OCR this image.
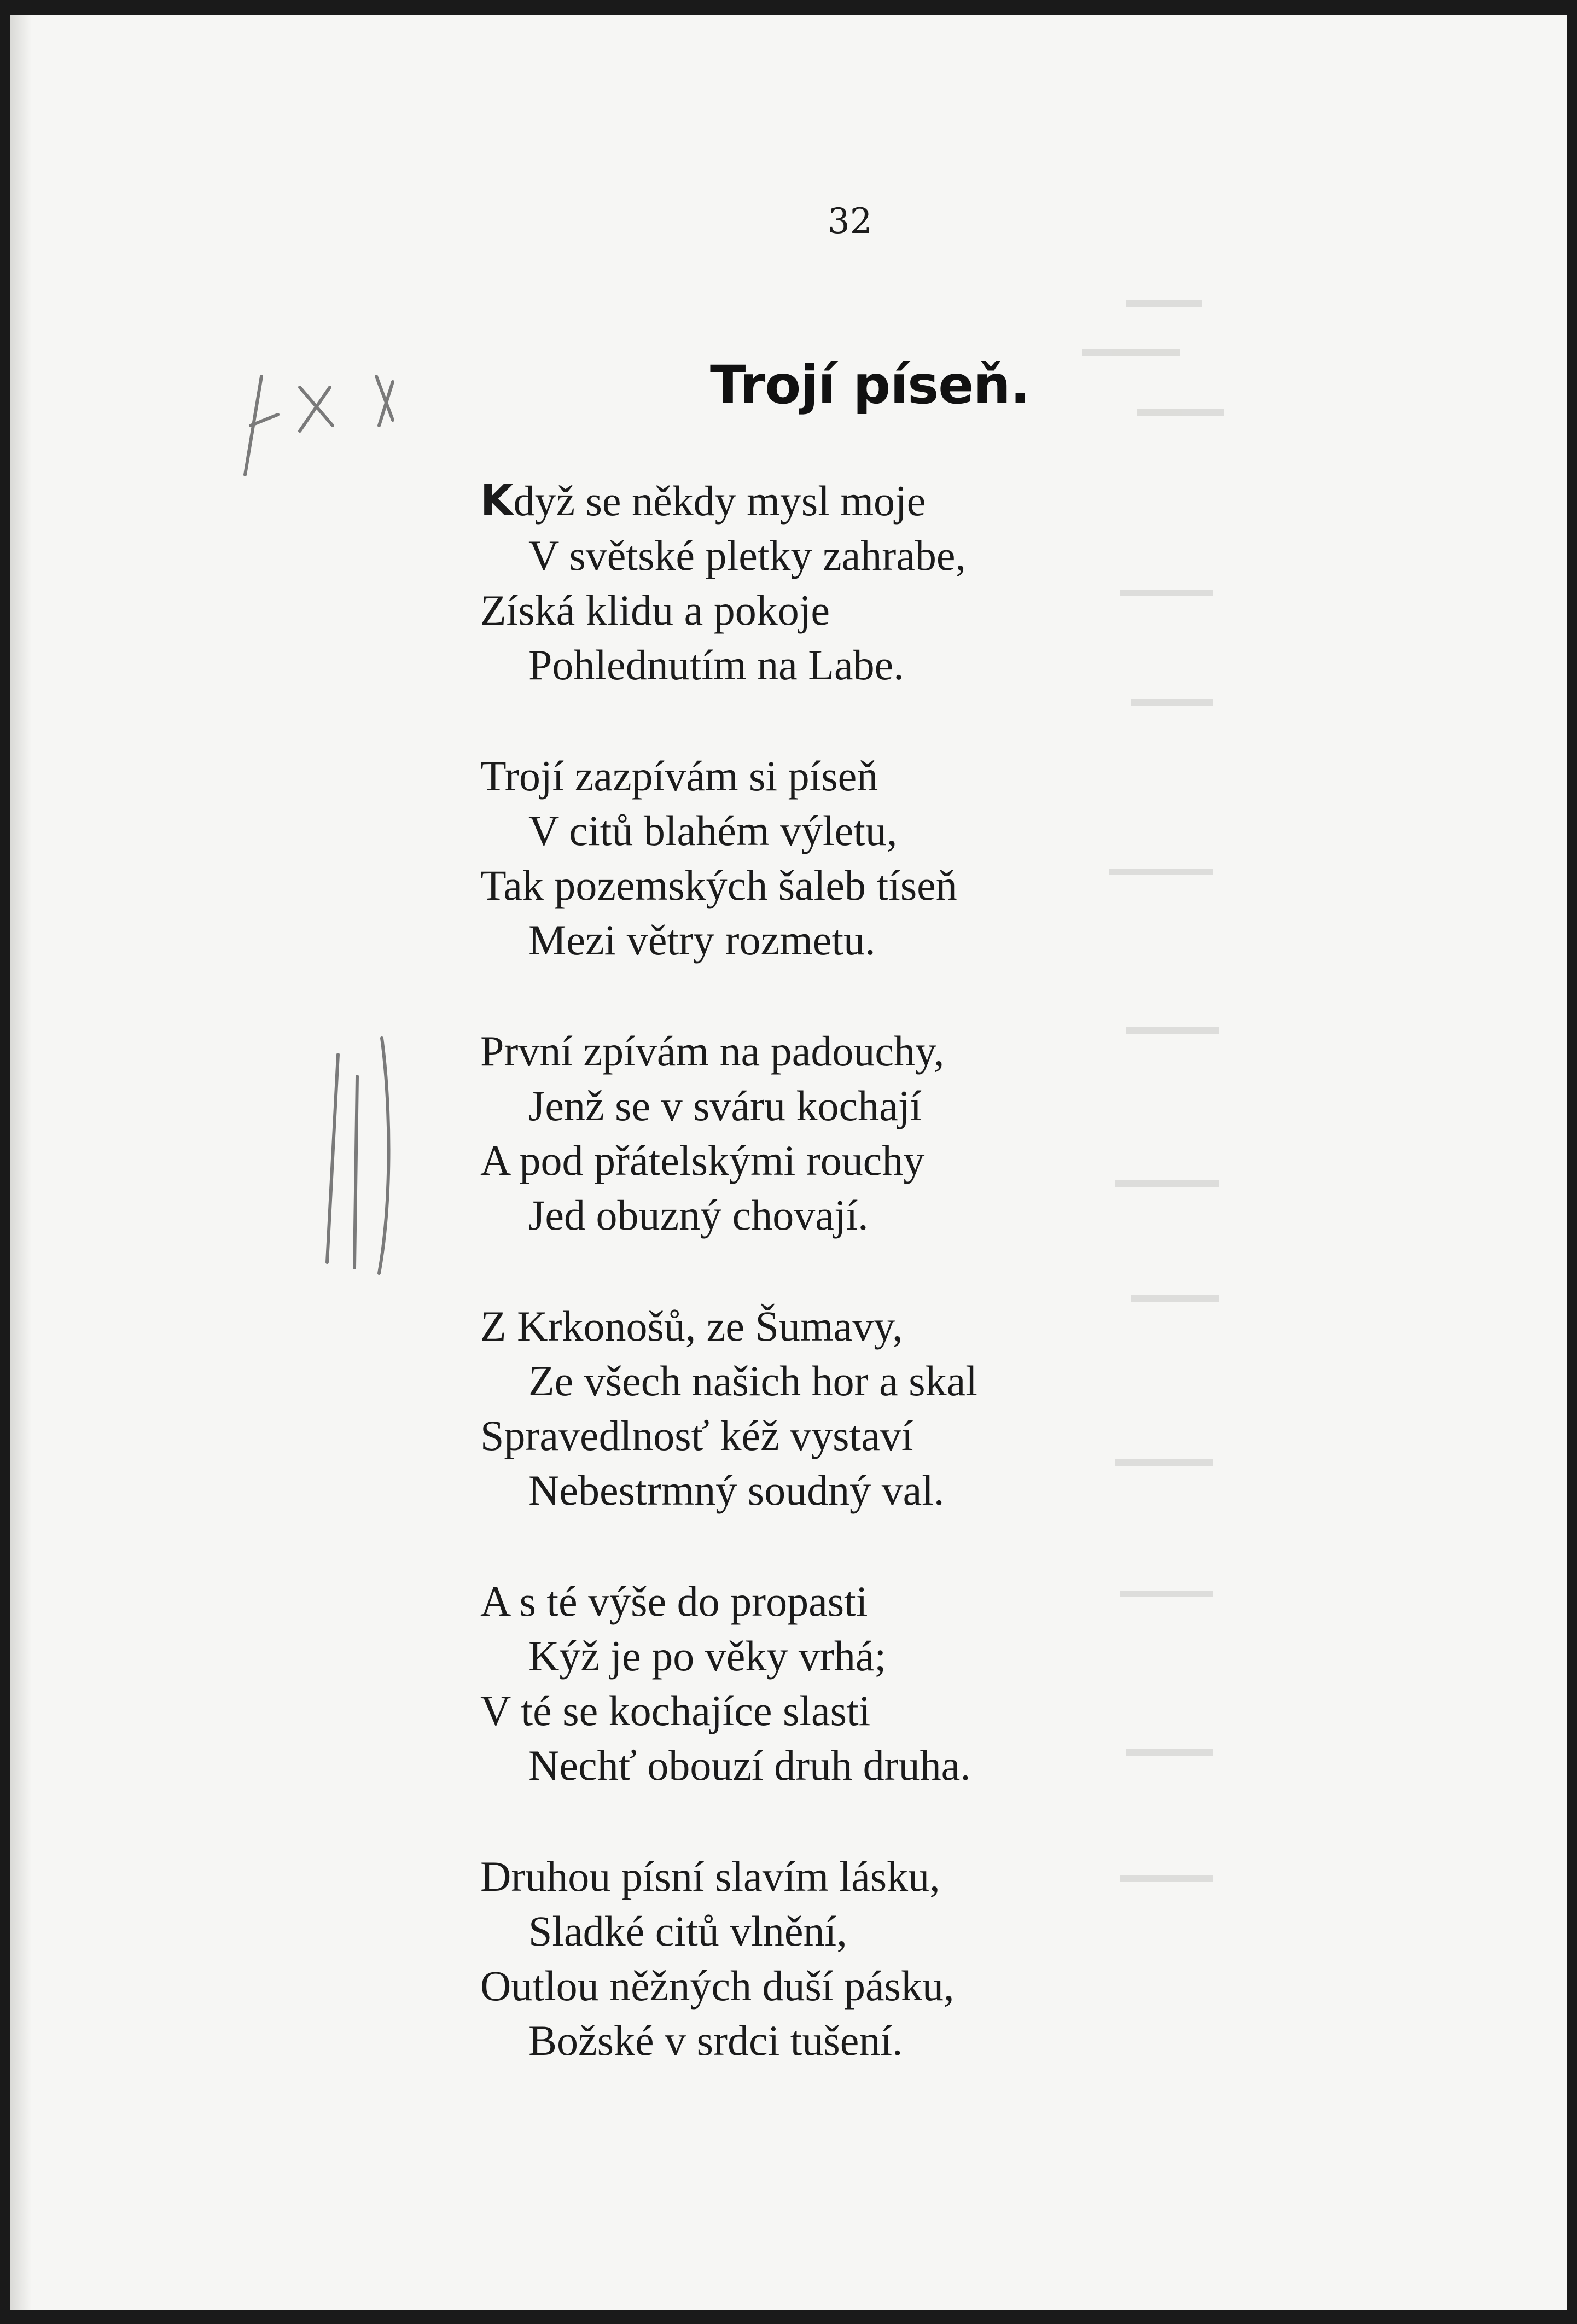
32
Trojí píseň.
Když se někdy mysl moje
V světské pletky zahrabe,
Získá klidu a pokoje
Pohlednutím na Labe.
Trojí zazpívám si píseň
V citů blahém výletu,
Tak pozemských šaleb tíseň
Mezi větry rozmetu.
První zpívám na padouchy,
Jenž se v sváru kochají
A pod přátelskými rouchy
Jed obuzný chovají.
Z Krkonošů, ze Šumavy,
Ze všech našich hor a skal
Spravedlnosť kéž vystaví
Nebestrmný soudný val.
A s té výše do propasti
Kýž je po věky vrhá;
V té se kochajíce slasti
Nechť obouzí druh druha.
Druhou písní slavím lásku,
Sladké citů vlnění,
Outlou něžných duší pásku,
Božské v srdci tušení.
